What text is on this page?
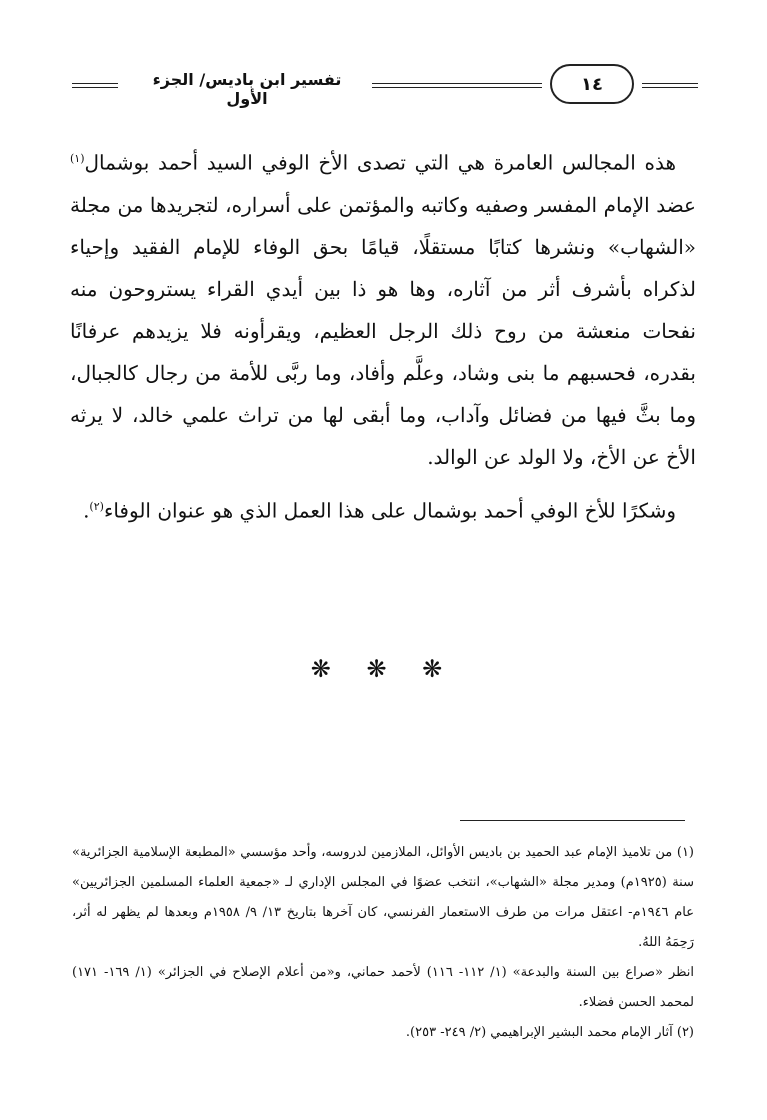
تفسير ابن باديس/ الجزء الأول
١٤

هذه المجالس العامرة هي التي تصدى الأخ الوفي السيد أحمد بوشمال$^{(١)}$ عضد الإمام المفسر وصفيه وكاتبه والمؤتمن على أسراره، لتجريدها من مجلة «الشهاب» ونشرها كتابًا مستقلًا، قيامًا بحق الوفاء للإمام الفقيد وإحياء لذكراه بأشرف أثر من آثاره، وها هو ذا بين أيدي القراء يستروحون منه نفحات منعشة من روح ذلك الرجل العظيم، ويقرأونه فلا يزيدهم عرفانًا بقدره، فحسبهم ما بنى وشاد، وعلَّم وأفاد، وما ربَّى للأمة من رجال كالجبال، وما بثَّ فيها من فضائل وآداب، وما أبقى لها من تراث علمي خالد، لا يرثه الأخ عن الأخ، ولا الولد عن الوالد.

وشكرًا للأخ الوفي أحمد بوشمال على هذا العمل الذي هو عنوان الوفاء$^{(٢)}$.

❋ ❋ ❋

(١) من تلاميذ الإمام عبد الحميد بن باديس الأوائل، الملازمين لدروسه، وأحد مؤسسي «المطبعة الإسلامية الجزائرية» سنة (١٩٢٥م) ومدير مجلة «الشهاب»، انتخب عضوًا في المجلس الإداري لـ «جمعية العلماء المسلمين الجزائريين» عام ١٩٤٦م- اعتقل مرات من طرف الاستعمار الفرنسي، كان آخرها بتاريخ ١٣/ ٩/ ١٩٥٨م وبعدها لم يظهر له أثر، رَحِمَهُ اللهُ.

انظر «صراع بين السنة والبدعة» (١/ ١١٢- ١١٦) لأحمد حماني، و«من أعلام الإصلاح في الجزائر» (١/ ١٦٩- ١٧١) لمحمد الحسن فضلاء.

(٢) آثار الإمام محمد البشير الإبراهيمي (٢/ ٢٤٩- ٢٥٣).
